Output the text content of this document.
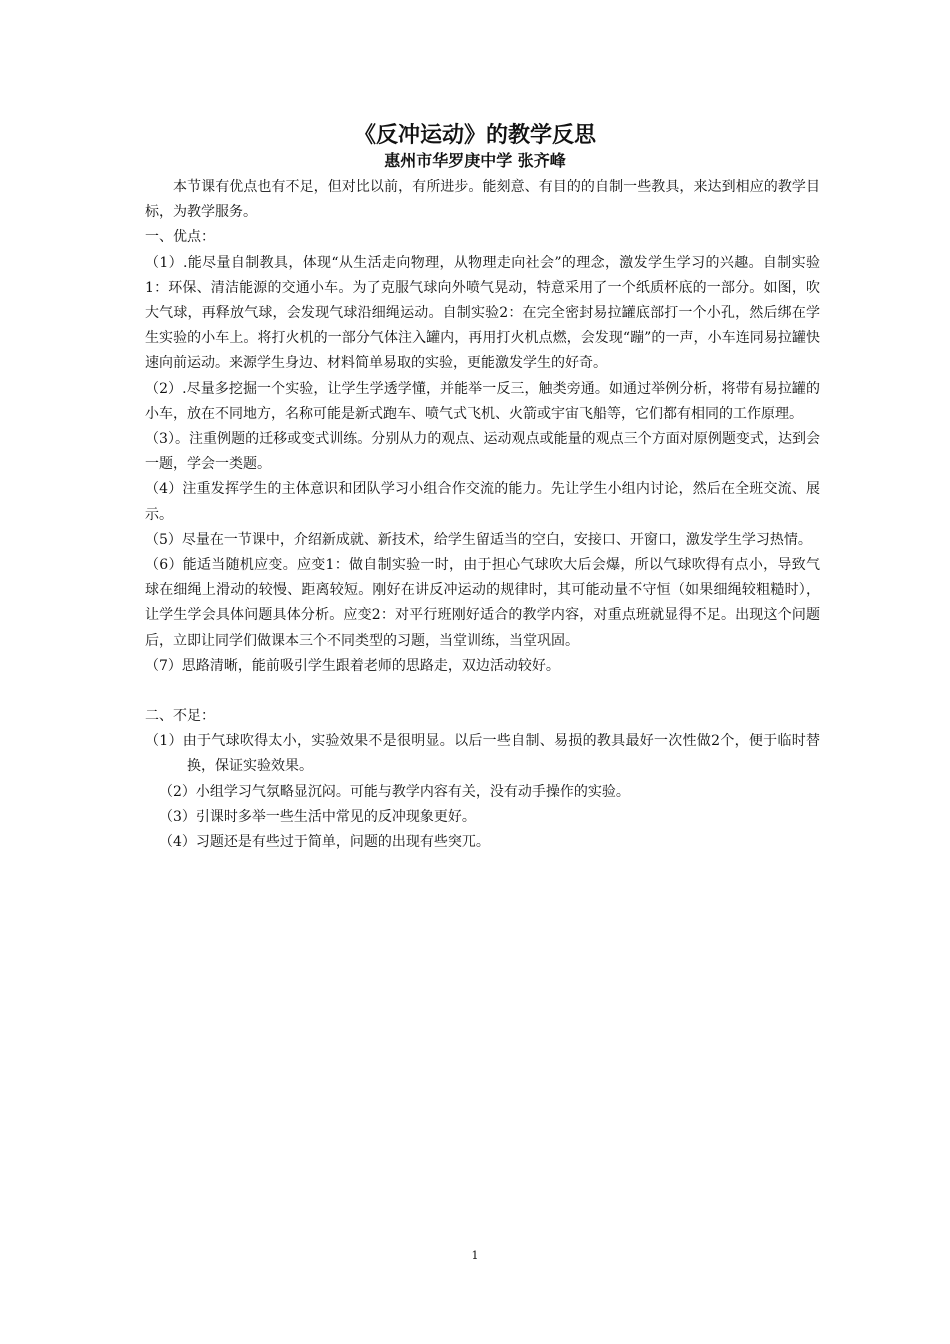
《反冲运动》的教学反思
惠州市华罗庚中学 张齐峰

本节课有优点也有不足，但对比以前，有所进步。能刻意、有目的的自制一些教具，来达到相应的教学目标，为教学服务。

一、优点：

（1）.能尽量自制教具，体现“从生活走向物理，从物理走向社会”的理念，激发学生学习的兴趣。自制实验1：环保、清洁能源的交通小车。为了克服气球向外喷气晃动，特意采用了一个纸质杯底的一部分。如图，吹大气球，再释放气球，会发现气球沿细绳运动。自制实验2：在完全密封易拉罐底部打一个小孔，然后绑在学生实验的小车上。将打火机的一部分气体注入罐内，再用打火机点燃，会发现“蹦”的一声，小车连同易拉罐快速向前运动。来源学生身边、材料简单易取的实验，更能激发学生的好奇。

（2）.尽量多挖掘一个实验，让学生学透学懂，并能举一反三，触类旁通。如通过举例分析，将带有易拉罐的小车，放在不同地方，名称可能是新式跑车、喷气式飞机、火箭或宇宙飞船等，它们都有相同的工作原理。

（3）。注重例题的迁移或变式训练。分别从力的观点、运动观点或能量的观点三个方面对原例题变式，达到会一题，学会一类题。

（4）注重发挥学生的主体意识和团队学习小组合作交流的能力。先让学生小组内讨论，然后在全班交流、展示。

（5）尽量在一节课中，介绍新成就、新技术，给学生留适当的空白，安接口、开窗口，激发学生学习热情。

（6）能适当随机应变。应变1：做自制实验一时，由于担心气球吹大后会爆，所以气球吹得有点小，导致气球在细绳上滑动的较慢、距离较短。刚好在讲反冲运动的规律时，其可能动量不守恒（如果细绳较粗糙时），让学生学会具体问题具体分析。应变2：对平行班刚好适合的教学内容，对重点班就显得不足。出现这个问题后，立即让同学们做课本三个不同类型的习题，当堂训练，当堂巩固。

（7）思路清晰，能前吸引学生跟着老师的思路走，双边活动较好。

二、不足：

（1）由于气球吹得太小，实验效果不是很明显。以后一些自制、易损的教具最好一次性做2个，便于临时替换，保证实验效果。

（2）小组学习气氛略显沉闷。可能与教学内容有关，没有动手操作的实验。

（3）引课时多举一些生活中常见的反冲现象更好。

（4）习题还是有些过于简单，问题的出现有些突兀。

1
